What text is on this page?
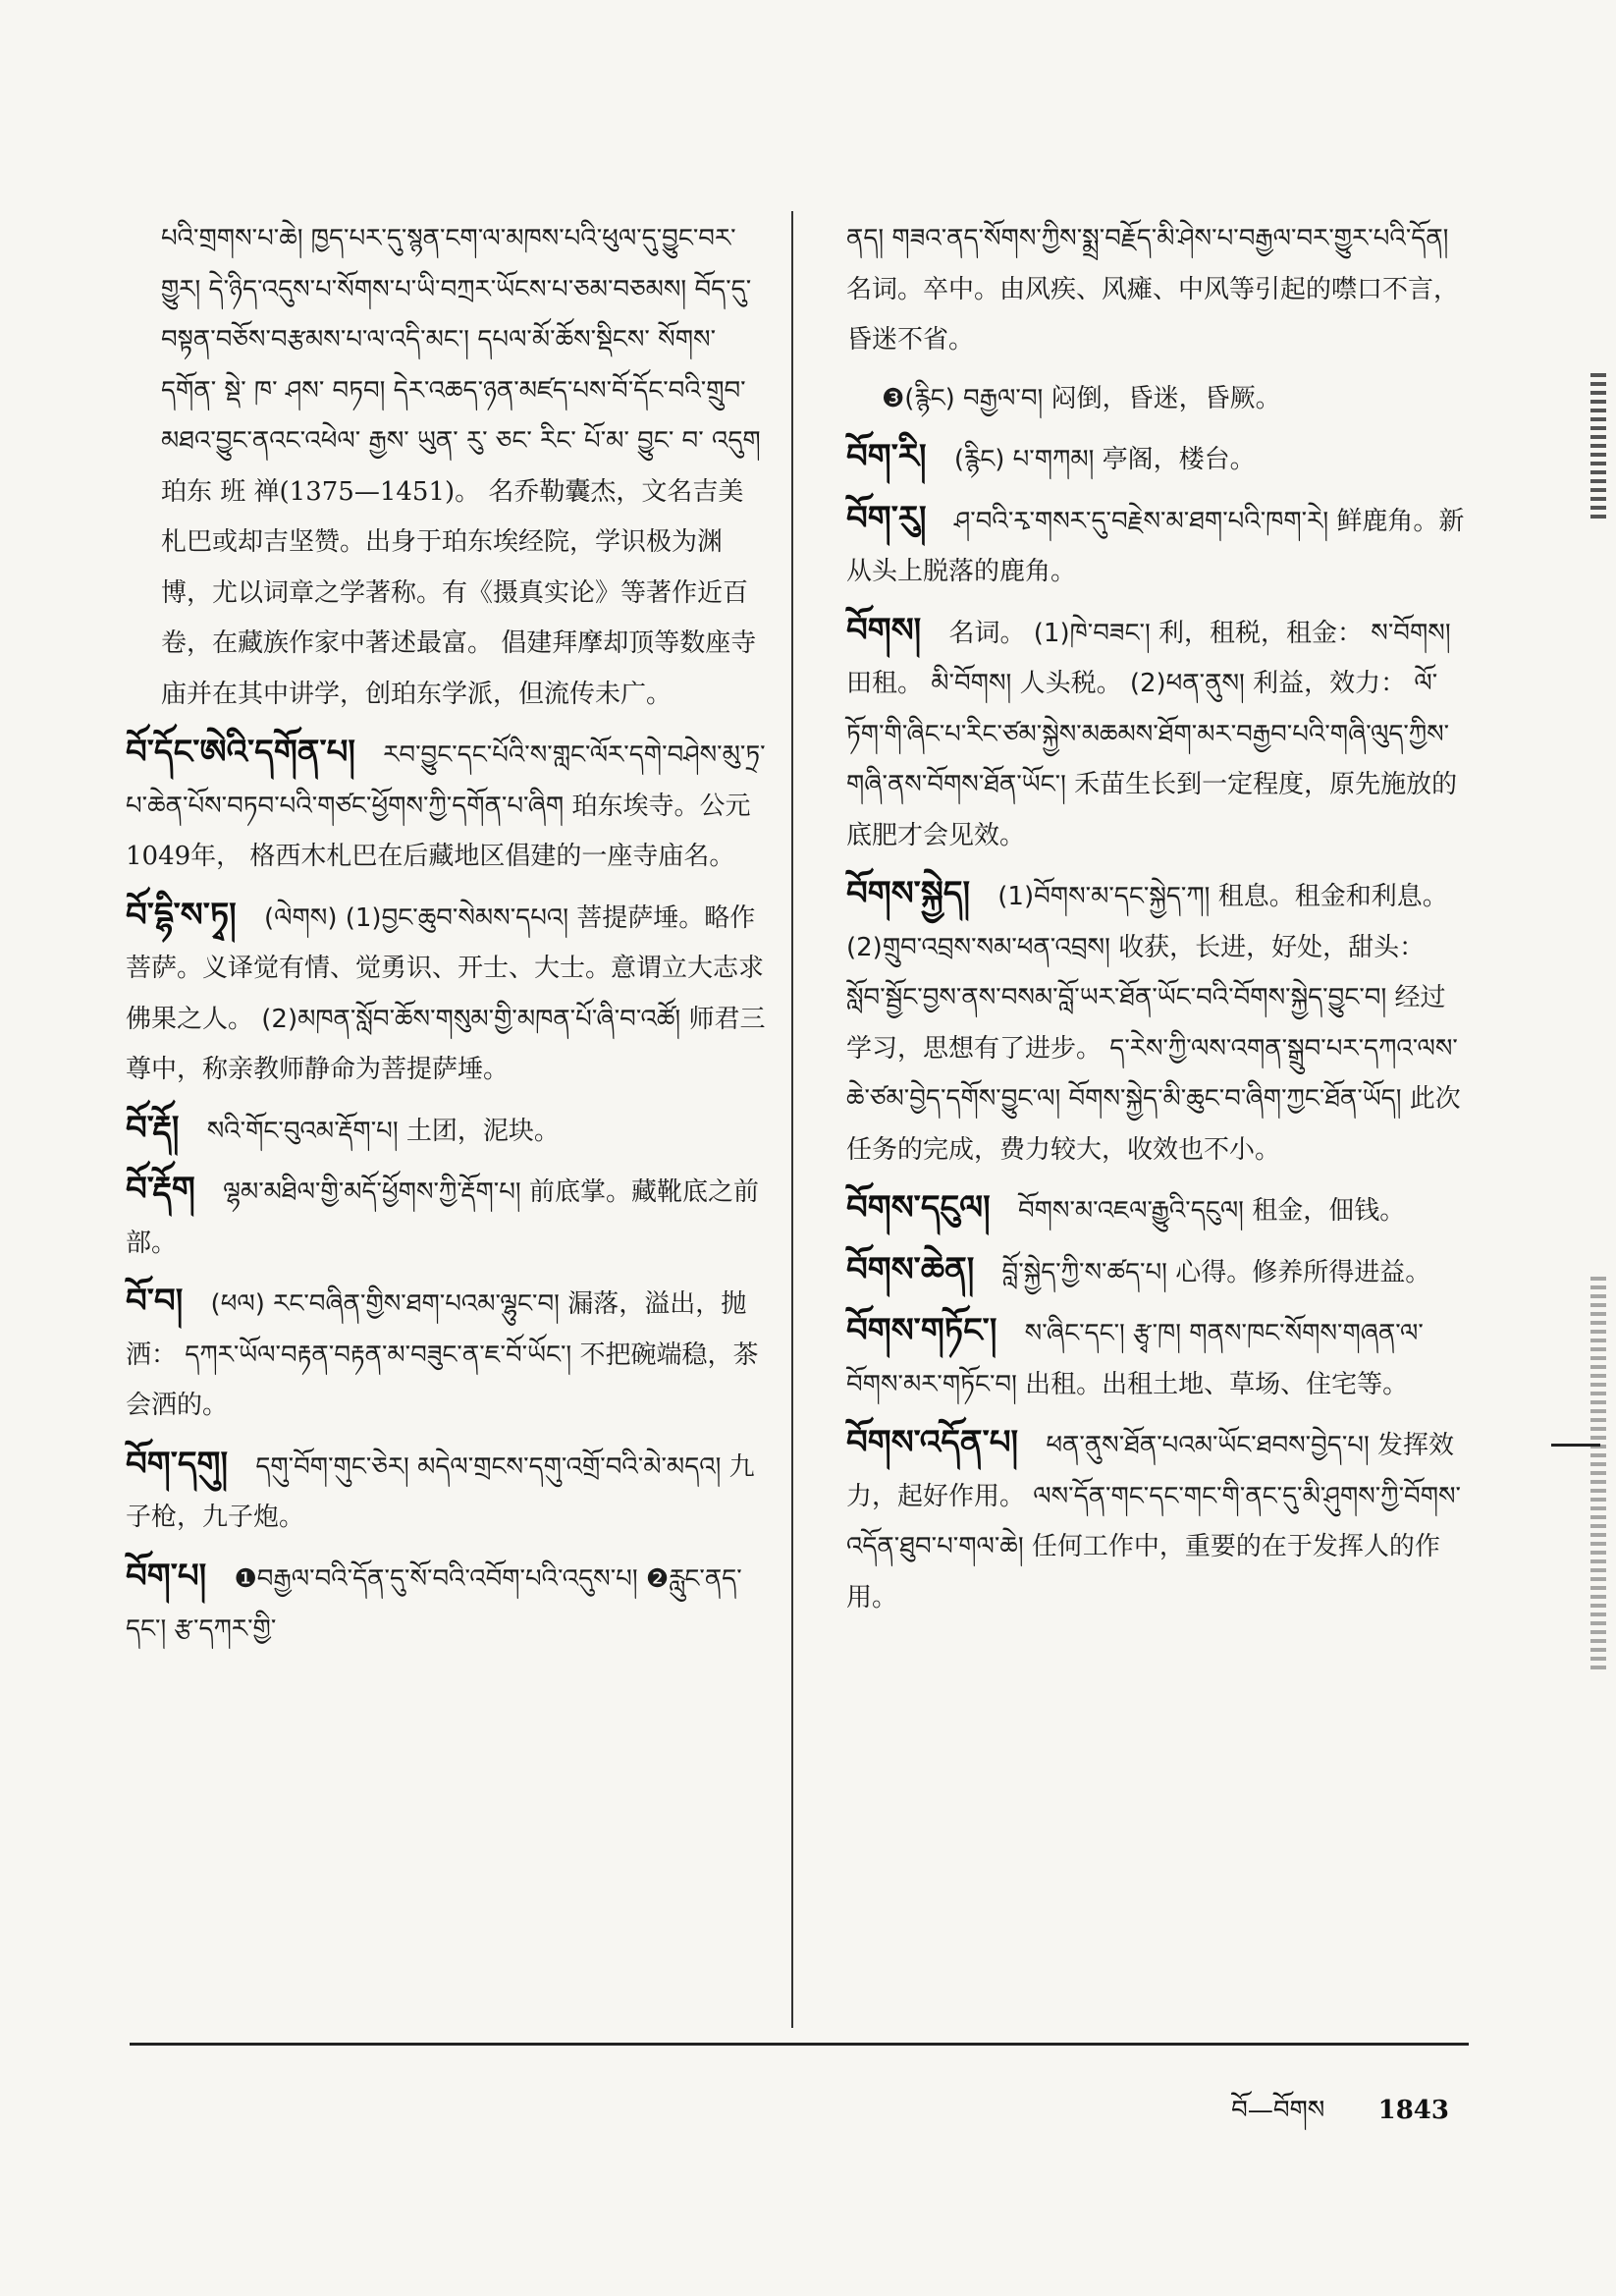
པའི་གྲགས་པ་ཆེ། ཁྱད་པར་དུ་སྙན་ངག་ལ་མཁས་པའི་ཕུལ་དུ་བྱུང་བར་གྱུར། དེ་ཉིད་འདུས་པ་སོགས་པ་ཡི་བཀྲར་ཡོངས་པ་ཅམ་བཅམས། བོད་དུ་བསྟན་བཅོས་བརྩམས་པ་ལ་འདི་མང་། དཔལ་མོ་ཆོས་སྡིངས་ སོགས་ དགོན་ སྡེ་ ཁ་ ཤས་ བཏབ། དེར་འཆད་ཉན་མཛད་པས་བོ་དོང་བའི་གྲུབ་མཐའ་བྱུང་ནའང་འཕེལ་ རྒྱས་ ཡུན་ རུ་ ཅང་ རིང་ པོ་མ་ བྱུང་ བ་ འདུག 珀东 班 禅(1375—1451)。 名乔勒囊杰，文名吉美札巴或却吉坚赞。出身于珀东埃经院，学识极为渊博，尤以词章之学著称。有《摄真实论》等著作近百卷，在藏族作家中著述最富。 倡建拜摩却顶等数座寺庙并在其中讲学，创珀东学派，但流传未广。

བོ་དོང་ཨེའི་དགོན་པ། རབ་བྱུང་དང་པོའི་ས་གླང་ལོར་དགེ་བཤེས་མུ་ཏྲ་པ་ཆེན་པོས་བཏབ་པའི་གཙང་ཕྱོགས་ཀྱི་དགོན་པ་ཞིག 珀东埃寺。公元1049年， 格西木札巴在后藏地区倡建的一座寺庙名。

བོ་དྷི་ས་ཏྭ། (ལེགས) (1)བྱང་ཆུབ་སེམས་དཔའ། 菩提萨埵。略作菩萨。义译觉有情、觉勇识、开士、大士。意谓立大志求佛果之人。 (2)མཁན་སློབ་ཆོས་གསུམ་གྱི་མཁན་པོ་ཞི་བ་འཚོ། 师君三尊中，称亲教师静命为菩提萨埵。

བོ་རྡོ། སའི་གོང་བུའམ་རྡོག་པ། 土团，泥块。

བོ་རྡོག ལྷམ་མཐིལ་གྱི་མདོ་ཕྱོགས་ཀྱི་རྡོག་པ། 前底掌。藏靴底之前部。

བོ་བ། (ཕལ) རང་བཞིན་གྱིས་ཐག་པའམ་ལྷུང་བ། 漏落，溢出，抛洒： དཀར་ཡོལ་བརྟན་བརྟན་མ་བཟུང་ན་ཇ་བོ་ཡོང་། 不把碗端稳，茶会洒的。

བོག་དགུ། དགུ་བོག་གུང་ཅེར། མདེལ་གྲངས་དགུ་འགྲོ་བའི་མེ་མདའ། 九子枪，九子炮。

བོག་པ། ❶བརྒྱལ་བའི་དོན་དུ་སོ་བའི་འབོག་པའི་འདུས་པ། ❷རླུང་ནད་དང་། རྩ་དཀར་གྱི་

ནད། གཟའ་ནད་སོགས་ཀྱིས་སྨྲ་བརྗོད་མི་ཤེས་པ་བརྒྱལ་བར་གྱུར་པའི་དོན། 名词。卒中。由风疾、风瘫、中风等引起的噤口不言，昏迷不省。

❸(རྙིང) བརྒྱལ་བ། 闷倒，昏迷，昏厥。

བོག་རི། (རྙིང) པ་གཀམ། 亭阁，楼台。

བོག་རུ། ཤ་བའི་རྭ་གསར་དུ་བརྗེས་མ་ཐག་པའི་ཁག་རེ། 鲜鹿角。新从头上脱落的鹿角。

བོགས། 名词。 (1)ཁེ་བཟང་། 利，租税，租金： ས་བོགས། 田租。 མི་བོགས། 人头税。 (2)ཕན་ནུས། 利益，效力： ལོ་ཏོག་གི་ཞིང་པ་རིང་ཙམ་སྐྱེས་མཆམས་ཐོག་མར་བརྒྱབ་པའི་གཞི་ལུད་ཀྱིས་གཞི་ནས་བོགས་ཐོན་ཡོང་། 禾苗生长到一定程度，原先施放的底肥才会见效。

བོགས་སྐྱེད། (1)བོགས་མ་དང་སྐྱེད་ཀ། 租息。租金和利息。 (2)གྲུབ་འབྲས་སམ་ཕན་འབྲས། 收获，长进，好处，甜头： སློབ་སྦྱོང་བྱས་ནས་བསམ་བློ་ཡར་ཐོན་ཡོང་བའི་བོགས་སྐྱེད་བྱུང་བ། 经过学习，思想有了进步。 ད་རེས་ཀྱི་ལས་འགན་སྒྲུབ་པར་དཀའ་ལས་ཆེ་ཙམ་བྱེད་དགོས་བྱུང་ལ། བོགས་སྐྱེད་མི་ཆུང་བ་ཞིག་ཀྱང་ཐོན་ཡོད། 此次任务的完成，费力较大，收效也不小。

བོགས་དངུལ། བོགས་མ་འཇལ་རྒྱུའི་དངུལ། 租金，佃钱。

བོགས་ཆེན། བློ་སྐྱེད་ཀྱི་ས་ཚད་པ། 心得。修养所得进益。

བོགས་གཏོང་། ས་ཞིང་དང་། རྩྭ་ཁ། གནས་ཁང་སོགས་གཞན་ལ་བོགས་མར་གཏོང་བ། 出租。出租土地、草场、住宅等。

བོགས་འདོན་པ། ཕན་ནུས་ཐོན་པའམ་ཡོང་ཐབས་བྱེད་པ། 发挥效力，起好作用。 ལས་དོན་གང་དང་གང་གི་ནང་དུ་མི་ཤུགས་ཀྱི་བོགས་འདོན་ཐུབ་པ་གལ་ཆེ། 任何工作中，重要的在于发挥人的作用。

བོ—བོགས 1843
